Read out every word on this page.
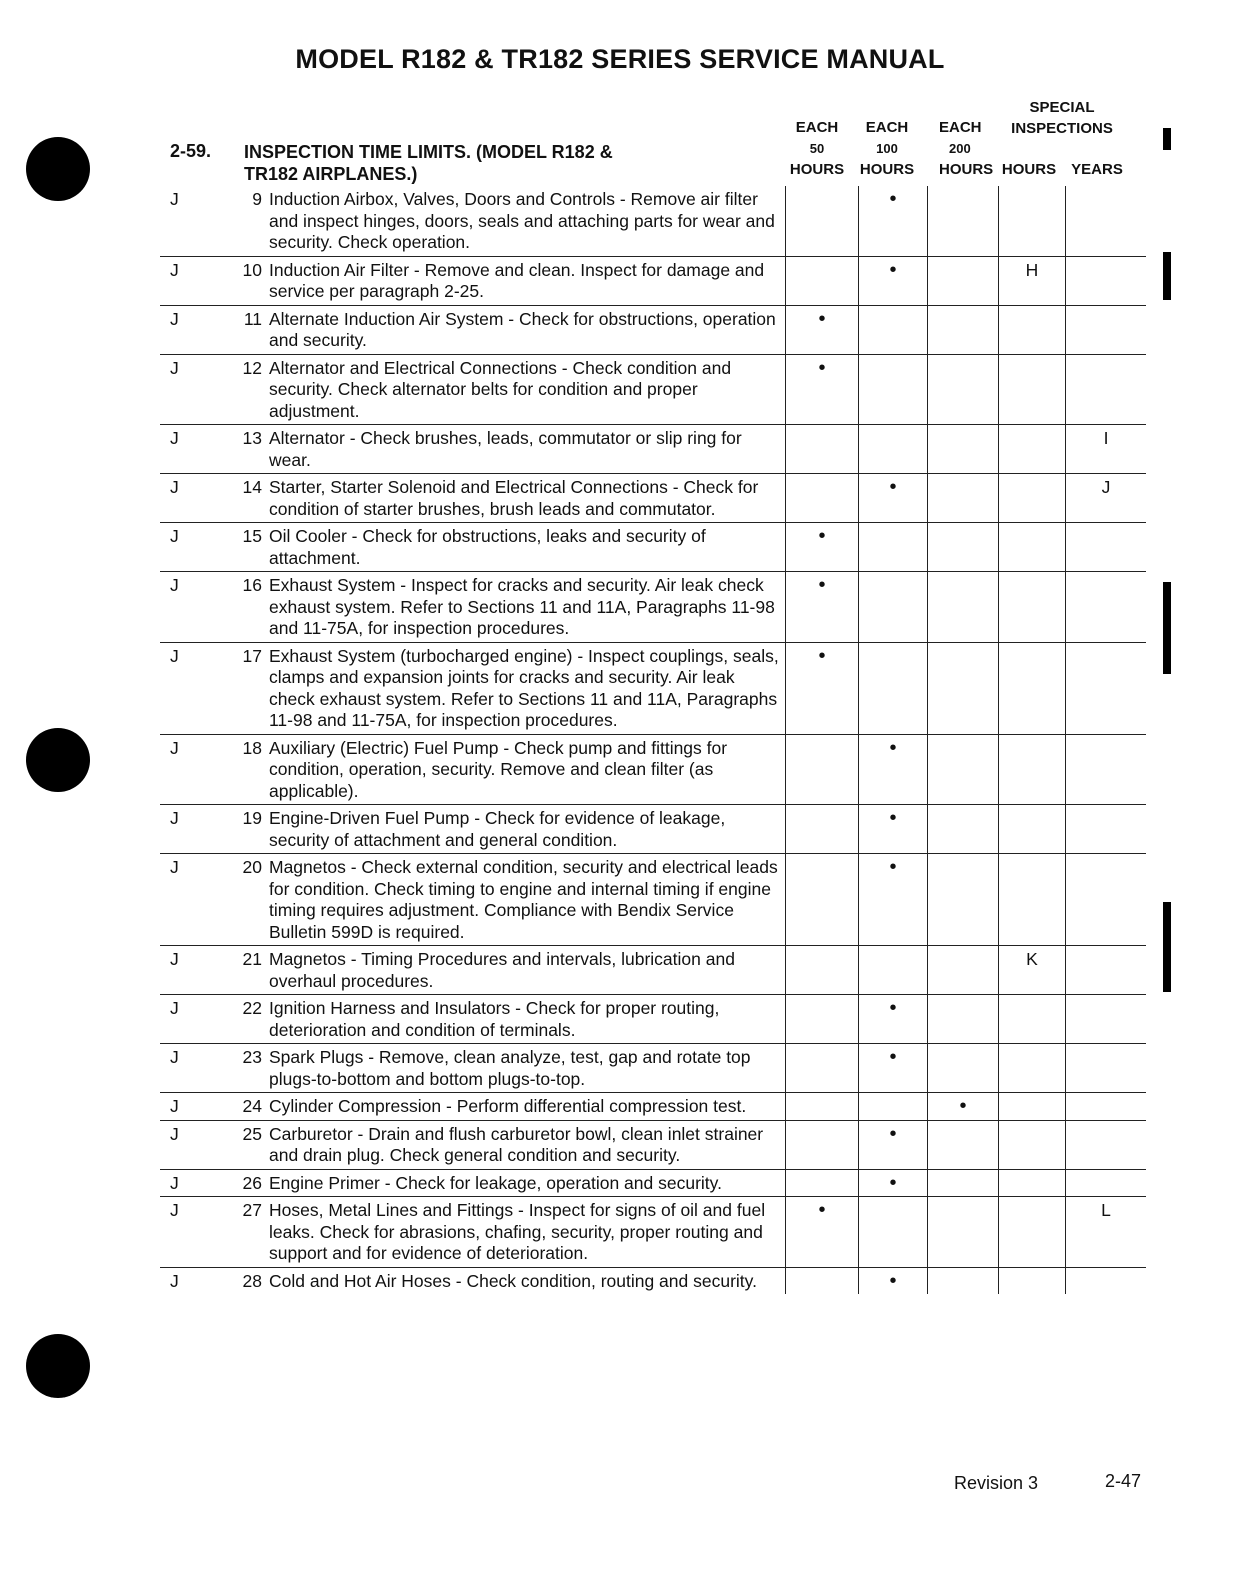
MODEL R182 & TR182 SERIES SERVICE MANUAL
2-59. INSPECTION TIME LIMITS. (MODEL R182 &
TR182 AIRPLANES.)
EACH
50
HOURS
EACH
100
HOURS
EACH
200
HOURS
SPECIAL
INSPECTIONS
HOURS	YEARS
J	9	Induction Airbox, Valves, Doors and Controls - Remove air filter and inspect hinges, doors, seals and attaching parts for wear and security. Check operation.		•			
J	10	Induction Air Filter - Remove and clean. Inspect for damage and service per paragraph 2-25.		•		H	
J	11	Alternate Induction Air System - Check for obstructions, operation and security.	•				
J	12	Alternator and Electrical Connections - Check condition and security. Check alternator belts for condition and proper adjustment.	•				
J	13	Alternator - Check brushes, leads, commutator or slip ring for wear.					I
J	14	Starter, Starter Solenoid and Electrical Connections - Check for condition of starter brushes, brush leads and commutator.		•			J
J	15	Oil Cooler - Check for obstructions, leaks and security of attachment.	•				
J	16	Exhaust System - Inspect for cracks and security. Air leak check exhaust system. Refer to Sections 11 and 11A, Paragraphs 11-98 and 11-75A, for inspection procedures.	•				
J	17	Exhaust System (turbocharged engine) - Inspect couplings, seals, clamps and expansion joints for cracks and security. Air leak check exhaust system. Refer to Sections 11 and 11A, Paragraphs 11-98 and 11-75A, for inspection procedures.	•				
J	18	Auxiliary (Electric) Fuel Pump - Check pump and fittings for condition, operation, security. Remove and clean filter (as applicable).		•			
J	19	Engine-Driven Fuel Pump - Check for evidence of leakage, security of attachment and general condition.		•			
J	20	Magnetos - Check external condition, security and electrical leads for condition. Check timing to engine and internal timing if engine timing requires adjustment. Compliance with Bendix Service Bulletin 599D is required.		•			
J	21	Magnetos - Timing Procedures and intervals, lubrication and overhaul procedures.				K	
J	22	Ignition Harness and Insulators - Check for proper routing, deterioration and condition of terminals.		•			
J	23	Spark Plugs - Remove, clean analyze, test, gap and rotate top plugs-to-bottom and bottom plugs-to-top.		•			
J	24	Cylinder Compression - Perform differential compression test.			•		
J	25	Carburetor - Drain and flush carburetor bowl, clean inlet strainer and drain plug. Check general condition and security.		•			
J	26	Engine Primer - Check for leakage, operation and security.		•			
J	27	Hoses, Metal Lines and Fittings - Inspect for signs of oil and fuel leaks. Check for abrasions, chafing, security, proper routing and support and for evidence of deterioration.	•				L
J	28	Cold and Hot Air Hoses - Check condition, routing and security.		•			
Revision 3	2-47
